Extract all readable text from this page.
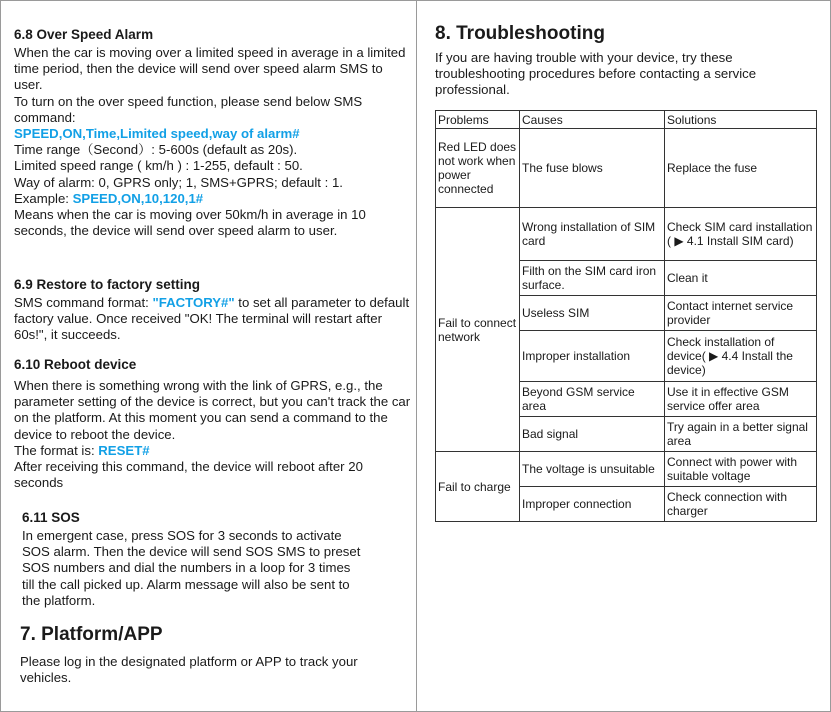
6.8 Over Speed Alarm

When the car is moving over a limited speed in average in a limited time period, then the device will send over speed alarm SMS to user.

To turn on the over speed function, please send below SMS command:

SPEED,ON,Time,Limited speed,way of alarm#

Time range（Second）: 5-600s (default as 20s).

Limited speed range ( km/h ) : 1-255, default : 50.

Way of alarm: 0, GPRS only; 1, SMS+GPRS; default : 1.

Example: SPEED,ON,10,120,1#

Means when the car is moving over 50km/h in average in 10 seconds, the device will send over speed alarm to user.

6.9 Restore to factory setting

SMS command format: "FACTORY#" to set all parameter to default factory value. Once received "OK! The terminal will restart after 60s!", it succeeds.

6.10 Reboot device

When there is something wrong with the link of GPRS, e.g., the parameter setting of the device is correct, but you can't track the car on the platform. At this moment you can send a command to the device to reboot the device.

The format is: RESET#

After receiving this command, the device will reboot after 20 seconds

6.11 SOS

In emergent case, press SOS for 3 seconds to activate SOS alarm. Then the device will send SOS SMS to preset SOS numbers and dial the numbers in a loop for 3 times till the call picked up. Alarm message will also be sent to the platform.

7. Platform/APP

Please log in the designated platform or APP to track your vehicles.

8. Troubleshooting

If you are having trouble with your device, try these troubleshooting procedures before contacting a service professional.

Problems	Causes	Solutions
Red LED does not work when power connected	The fuse blows	Replace the fuse
Fail to connect network	Wrong installation of SIM card	Check SIM card installation ( ▶ 4.1 Install SIM card)
	Filth on the SIM card iron surface.	Clean it
	Useless SIM	Contact internet service provider
	Improper installation	Check installation of device( ▶ 4.4 Install the device)
	Beyond GSM service area	Use it in effective GSM service offer area
	Bad signal	Try again in a better signal area
Fail to charge	The voltage is unsuitable	Connect with power with suitable voltage
	Improper connection	Check connection with charger
